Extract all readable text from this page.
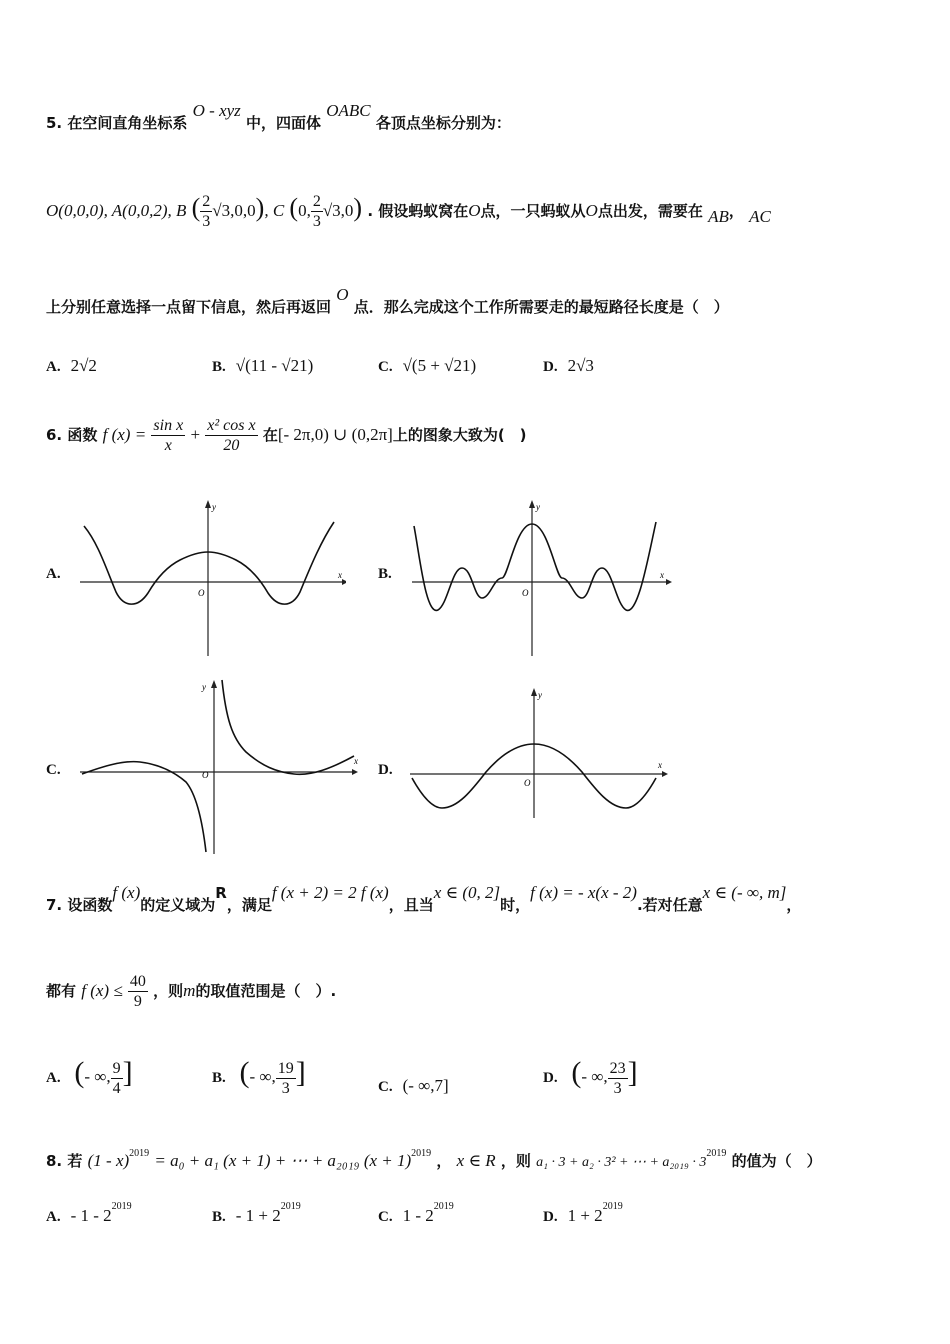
5. 在空间直角坐标系 O - xyz 中，四面体 OABC 各顶点坐标分别为：
O(0,0,0), A(0,0,2), B ( $\frac{2}{3} √3,0,0$), C (0, $\frac{2}{3} √3,0$) . 假设蚂蚁窝在O点，一只蚂蚁从O点出发，需要在 AB， AC
上分别任意选择一点留下信息，然后再返回 O 点．那么完成这个工作所需要走的最短路径长度是（　）
A. 2√2	B. √(11 - √21)	C. √(5 + √21)	D. 2√3
6. 函数 f $(x) = \frac{\text{sin x}}{x} + \frac{\text{x² cos x}}{20}$ 在[- 2π,0) ∪ (0,2π]上的图象大致为(　)
A.	B.
C.	D.
O
x
y
O
x
y
O
x
y
O
x
y
7. 设函数f (x)的定义域为R，满足f (x + 2) = 2 f (x)，且当x ∈ (0, 2]时，f (x) = - x(x - 2).若对任意x ∈ (- ∞, m]，
都有 f $(x) \le \frac{40}{9}$ ，则m的取值范围是（　）.
A. (- ∞, $\frac{9}{4}$ ]	B. (- ∞, $\frac{19}{3}$ ]	C. (- ∞,7]	D. (- ∞, $\frac{23}{3}$ ]
8. 若 (1 - x)$^{2019}$ = a₀ + a₁ (x + 1) + ⋯ + a₂₀₁₉ $(x + 1)^{2019}$ ， x ∈ R ，则 a₁ · 3 + a₂ · 3² + ⋯ + $a_{2019} \cdot 3^{2019}$ 的值为（　）
A. - $1 - 2^{2019}$
B. - $1 + 2^{2019}$
C. $1 - 2^{2019}$
D. $1 + 2^{2019}$
